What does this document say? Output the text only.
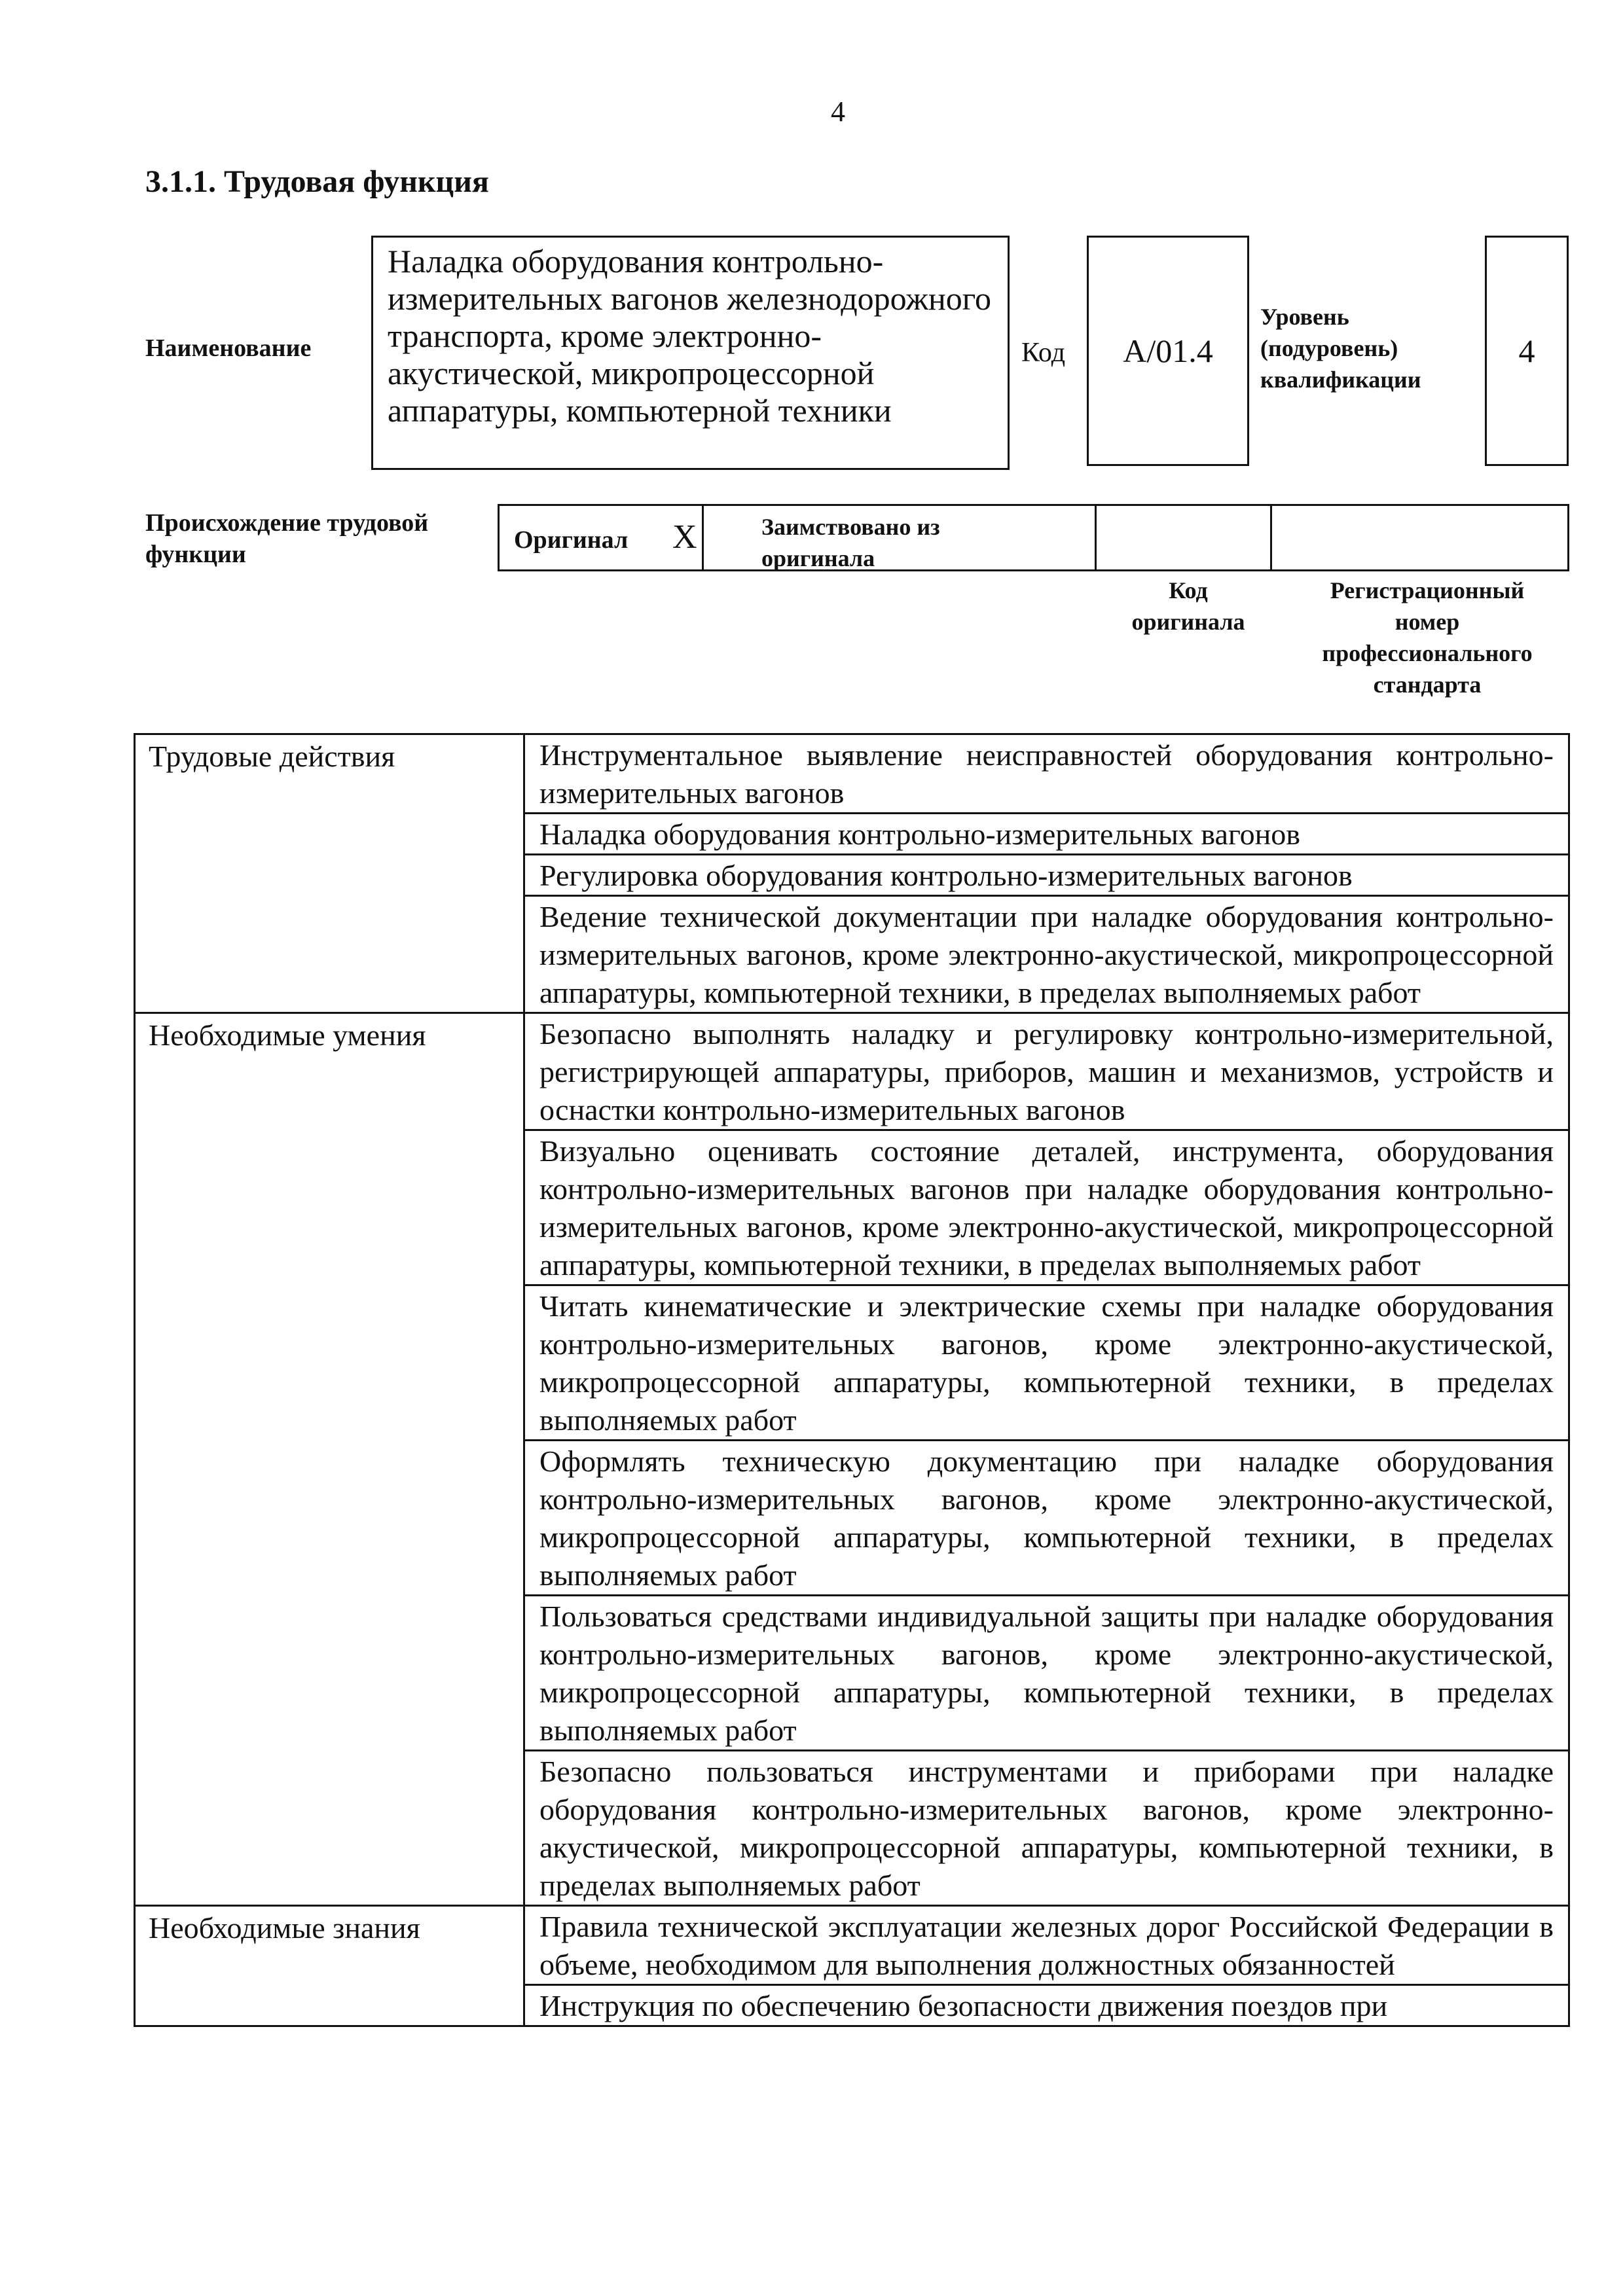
4
3.1.1. Трудовая функция
Наименование
Наладка оборудования контрольно-измерительных вагонов железнодорожного транспорта, кроме электронно-акустической, микропроцессорной аппаратуры, компьютерной техники
Код A/01.4
Уровень (подуровень) квалификации
4
Происхождение трудовой функции
Оригинал X	Заимствовано из оригинала
Код оригинала
Регистрационный номер профессионального стандарта
Трудовые действия	Инструментальное выявление неисправностей оборудования контрольно-измерительных вагонов
	Наладка оборудования контрольно-измерительных вагонов
	Регулировка оборудования контрольно-измерительных вагонов
	Ведение технической документации при наладке оборудования контрольно-измерительных вагонов, кроме электронно-акустической, микропроцессорной аппаратуры, компьютерной техники, в пределах выполняемых работ
Необходимые умения	Безопасно выполнять наладку и регулировку контрольно-измерительной, регистрирующей аппаратуры, приборов, машин и механизмов, устройств и оснастки контрольно-измерительных вагонов
	Визуально оценивать состояние деталей, инструмента, оборудования контрольно-измерительных вагонов при наладке оборудования контрольно-измерительных вагонов, кроме электронно-акустической, микропроцессорной аппаратуры, компьютерной техники, в пределах выполняемых работ
	Читать кинематические и электрические схемы при наладке оборудования контрольно-измерительных вагонов, кроме электронно-акустической, микропроцессорной аппаратуры, компьютерной техники, в пределах выполняемых работ
	Оформлять техническую документацию при наладке оборудования контрольно-измерительных вагонов, кроме электронно-акустической, микропроцессорной аппаратуры, компьютерной техники, в пределах выполняемых работ
	Пользоваться средствами индивидуальной защиты при наладке оборудования контрольно-измерительных вагонов, кроме электронно-акустической, микропроцессорной аппаратуры, компьютерной техники, в пределах выполняемых работ
	Безопасно пользоваться инструментами и приборами при наладке оборудования контрольно-измерительных вагонов, кроме электронно-акустической, микропроцессорной аппаратуры, компьютерной техники, в пределах выполняемых работ
Необходимые знания	Правила технической эксплуатации железных дорог Российской Федерации в объеме, необходимом для выполнения должностных обязанностей
	Инструкция по обеспечению безопасности движения поездов при
